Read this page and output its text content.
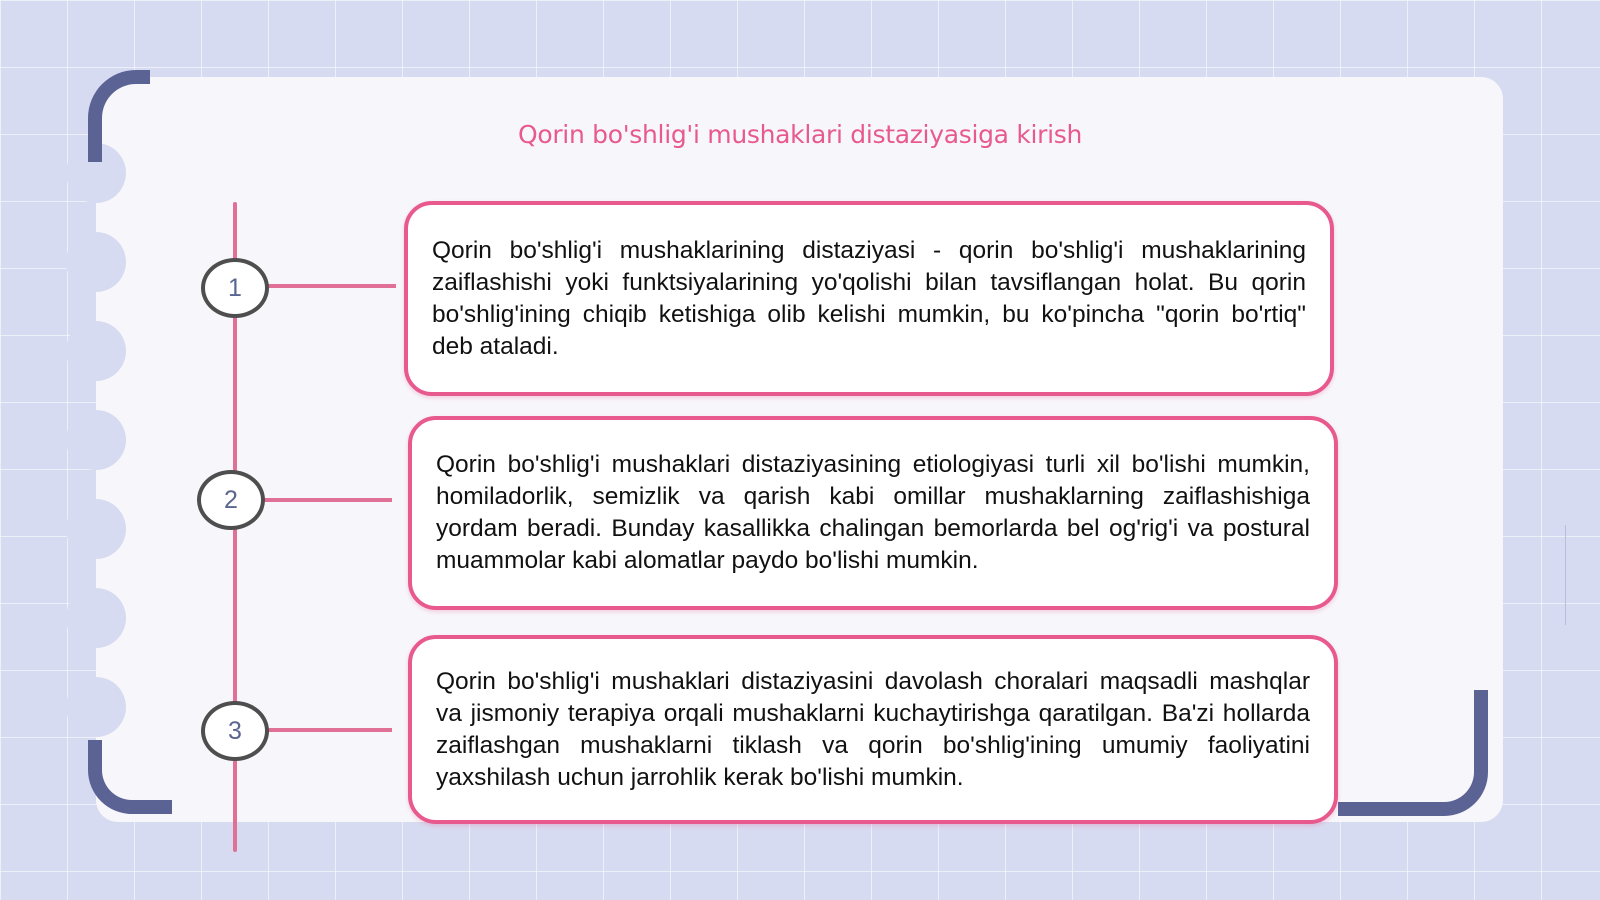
Qorin bo'shlig'i mushaklari distaziyasiga kirish
1

Qorin bo'shlig'i mushaklarining distaziyasi - qorin bo'shlig'i mushaklarining zaiflashishi yoki funktsiyalarining yo'qolishi bilan tavsiflangan holat. Bu qorin bo'shlig'ining chiqib ketishiga olib kelishi mumkin, bu ko'pincha "qorin bo'rtiq" deb ataladi.

2

Qorin bo'shlig'i mushaklari distaziyasining etiologiyasi turli xil bo'lishi mumkin, homiladorlik, semizlik va qarish kabi omillar mushaklarning zaiflashishiga yordam beradi. Bunday kasallikka chalingan bemorlarda bel og'rig'i va postural muammolar kabi alomatlar paydo bo'lishi mumkin.

3

Qorin bo'shlig'i mushaklari distaziyasini davolash choralari maqsadli mashqlar va jismoniy terapiya orqali mushaklarni kuchaytirishga qaratilgan. Ba'zi hollarda zaiflashgan mushaklarni tiklash va qorin bo'shlig'ining umumiy faoliyatini yaxshilash uchun jarrohlik kerak bo'lishi mumkin.
